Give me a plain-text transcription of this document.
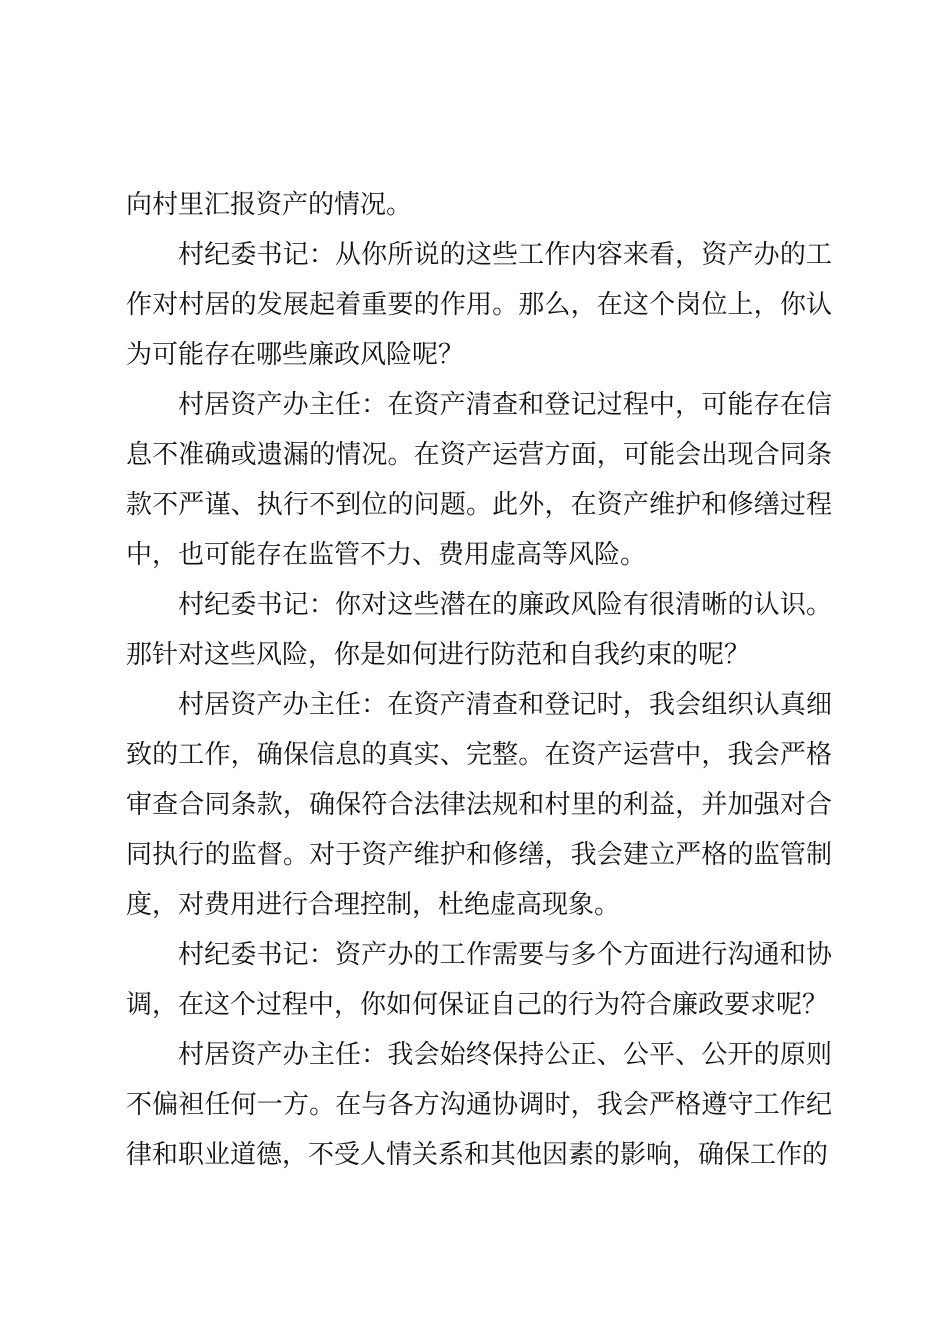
向村里汇报资产的情况。

村纪委书记：从你所说的这些工作内容来看，资产办的工作对村居的发展起着重要的作用。那么，在这个岗位上，你认为可能存在哪些廉政风险呢？

村居资产办主任：在资产清查和登记过程中，可能存在信息不准确或遗漏的情况。在资产运营方面，可能会出现合同条款不严谨、执行不到位的问题。此外，在资产维护和修缮过程中，也可能存在监管不力、费用虚高等风险。

村纪委书记：你对这些潜在的廉政风险有很清晰的认识。那针对这些风险，你是如何进行防范和自我约束的呢？

村居资产办主任：在资产清查和登记时，我会组织认真细致的工作，确保信息的真实、完整。在资产运营中，我会严格审查合同条款，确保符合法律法规和村里的利益，并加强对合同执行的监督。对于资产维护和修缮，我会建立严格的监管制度，对费用进行合理控制，杜绝虚高现象。

村纪委书记：资产办的工作需要与多个方面进行沟通和协调，在这个过程中，你如何保证自己的行为符合廉政要求呢？

村居资产办主任：我会始终保持公正、公平、公开的原则不偏袒任何一方。在与各方沟通协调时，我会严格遵守工作纪律和职业道德，不受人情关系和其他因素的影响，确保工作的
